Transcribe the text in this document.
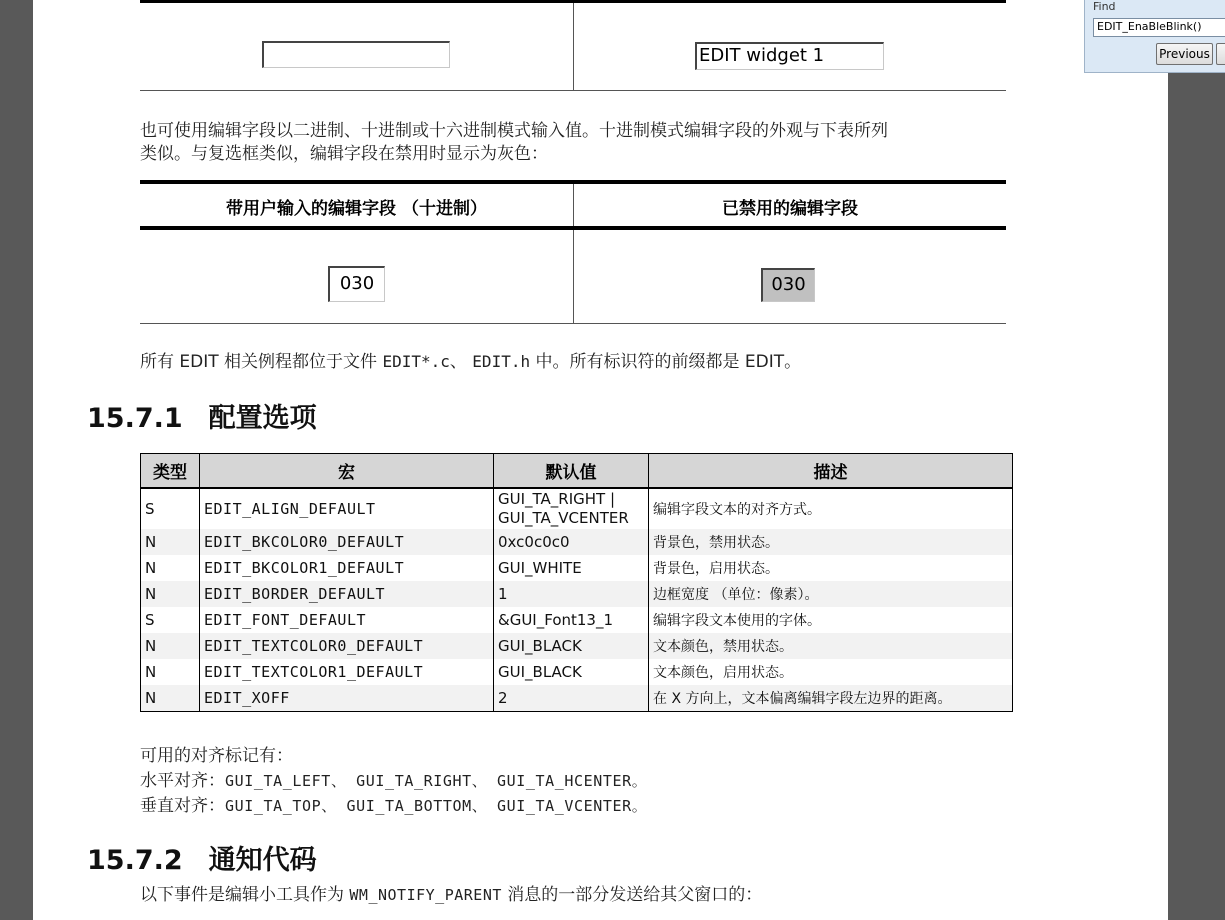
EDIT widget 1
也可使用编辑字段以二进制、十进制或十六进制模式输入值。十进制模式编辑字段的外观与下表所列
类似。与复选框类似，编辑字段在禁用时显示为灰色：
带用户输入的编辑字段 （十进制）	已禁用的编辑字段
030	030
所有 EDIT 相关例程都位于文件 EDIT*.c、 EDIT.h 中。所有标识符的前缀都是 EDIT。
15.7.1 配置选项
类型	宏	默认值	描述
S	EDIT_ALIGN_DEFAULT	GUI_TA_RIGHT |
GUI_TA_VCENTER	编辑字段文本的对齐方式。
N	EDIT_BKCOLOR0_DEFAULT	0xc0c0c0	背景色，禁用状态。
N	EDIT_BKCOLOR1_DEFAULT	GUI_WHITE	背景色，启用状态。
N	EDIT_BORDER_DEFAULT	1	边框宽度 （单位：像素）。
S	EDIT_FONT_DEFAULT	&GUI_Font13_1	编辑字段文本使用的字体。
N	EDIT_TEXTCOLOR0_DEFAULT	GUI_BLACK	文本颜色，禁用状态。
N	EDIT_TEXTCOLOR1_DEFAULT	GUI_BLACK	文本颜色，启用状态。
N	EDIT_XOFF	2	在 X 方向上，文本偏离编辑字段左边界的距离。
可用的对齐标记有：
水平对齐：GUI_TA_LEFT、 GUI_TA_RIGHT、 GUI_TA_HCENTER。
垂直对齐：GUI_TA_TOP、 GUI_TA_BOTTOM、 GUI_TA_VCENTER。
15.7.2 通知代码
以下事件是编辑小工具作为 WM_NOTIFY_PARENT 消息的一部分发送给其父窗口的：
Find
EDIT_EnaBleBlink()
Previous
